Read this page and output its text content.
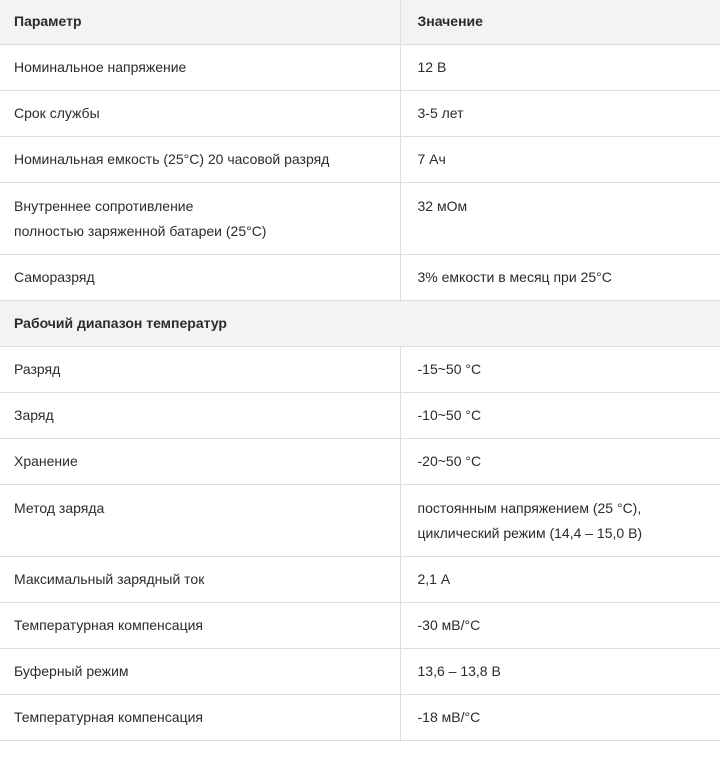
Параметр	Значение
Номинальное напряжение	12 В
Срок службы	3-5 лет
Номинальная емкость (25°С) 20 часовой разряд	7 Ач

Внутреннее сопротивление
полностью заряженной батареи (25°С)	32 мОм
Саморазряд	3% емкости в месяц при 25°С
Рабочий диапазон температур	
Разряд	-15~50 °С
Заряд	-10~50 °С
Хранение	-20~50 °С
Метод заряда	постоянным напряжением (25 °С),
циклический режим (14,4 – 15,0 В)

Максимальный зарядный ток	2,1 А
Температурная компенсация	-30 мВ/°С
Буферный режим	13,6 – 13,8 В
Температурная компенсация	-18 мВ/°С
